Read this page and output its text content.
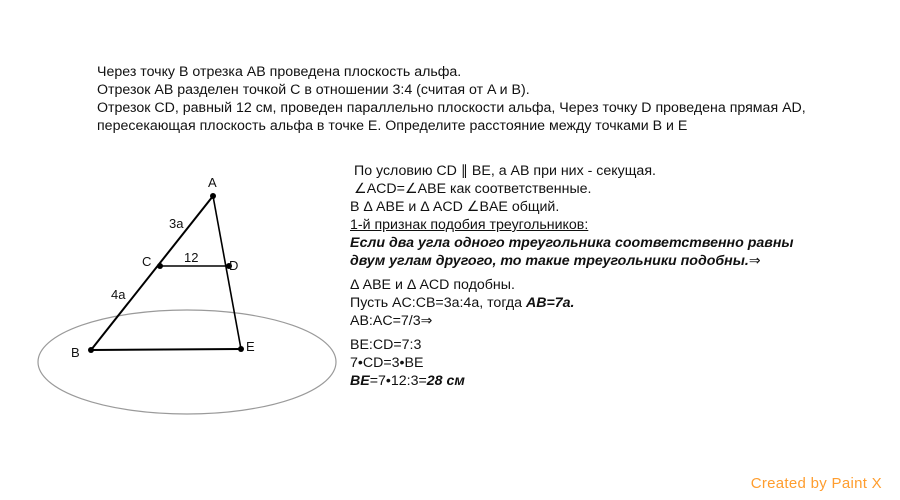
Через точку B отрезка AB проведена плоскость альфа.
Отрезок AB разделен точкой C в отношении 3:4 (считая от A и B).
Отрезок CD, равный 12 см, проведен параллельно плоскости альфа, Через точку D проведена прямая AD,
пересекающая плоскость альфа в точке E. Определите расстояние между точками B и E
A
C	D
B	E
3a
4a
12
По условию CD ∥ BE, а AB при них - секущая.
∠ACD=∠ABE как соответственные.
В Δ ABE и Δ ACD ∠BAE общий.
1-й признак подобия треугольников:
Если два угла одного треугольника соответственно равны
двум углам другого, то такие треугольники подобны.⇒
Δ ABE и Δ ACD подобны.
Пусть AC:CB=3a:4a, тогда AB=7a.
AB:AC=7/3⇒
BE:CD=7:3
7•CD=3•BE
BE=7•12:3=28 см
Created by Paint X
